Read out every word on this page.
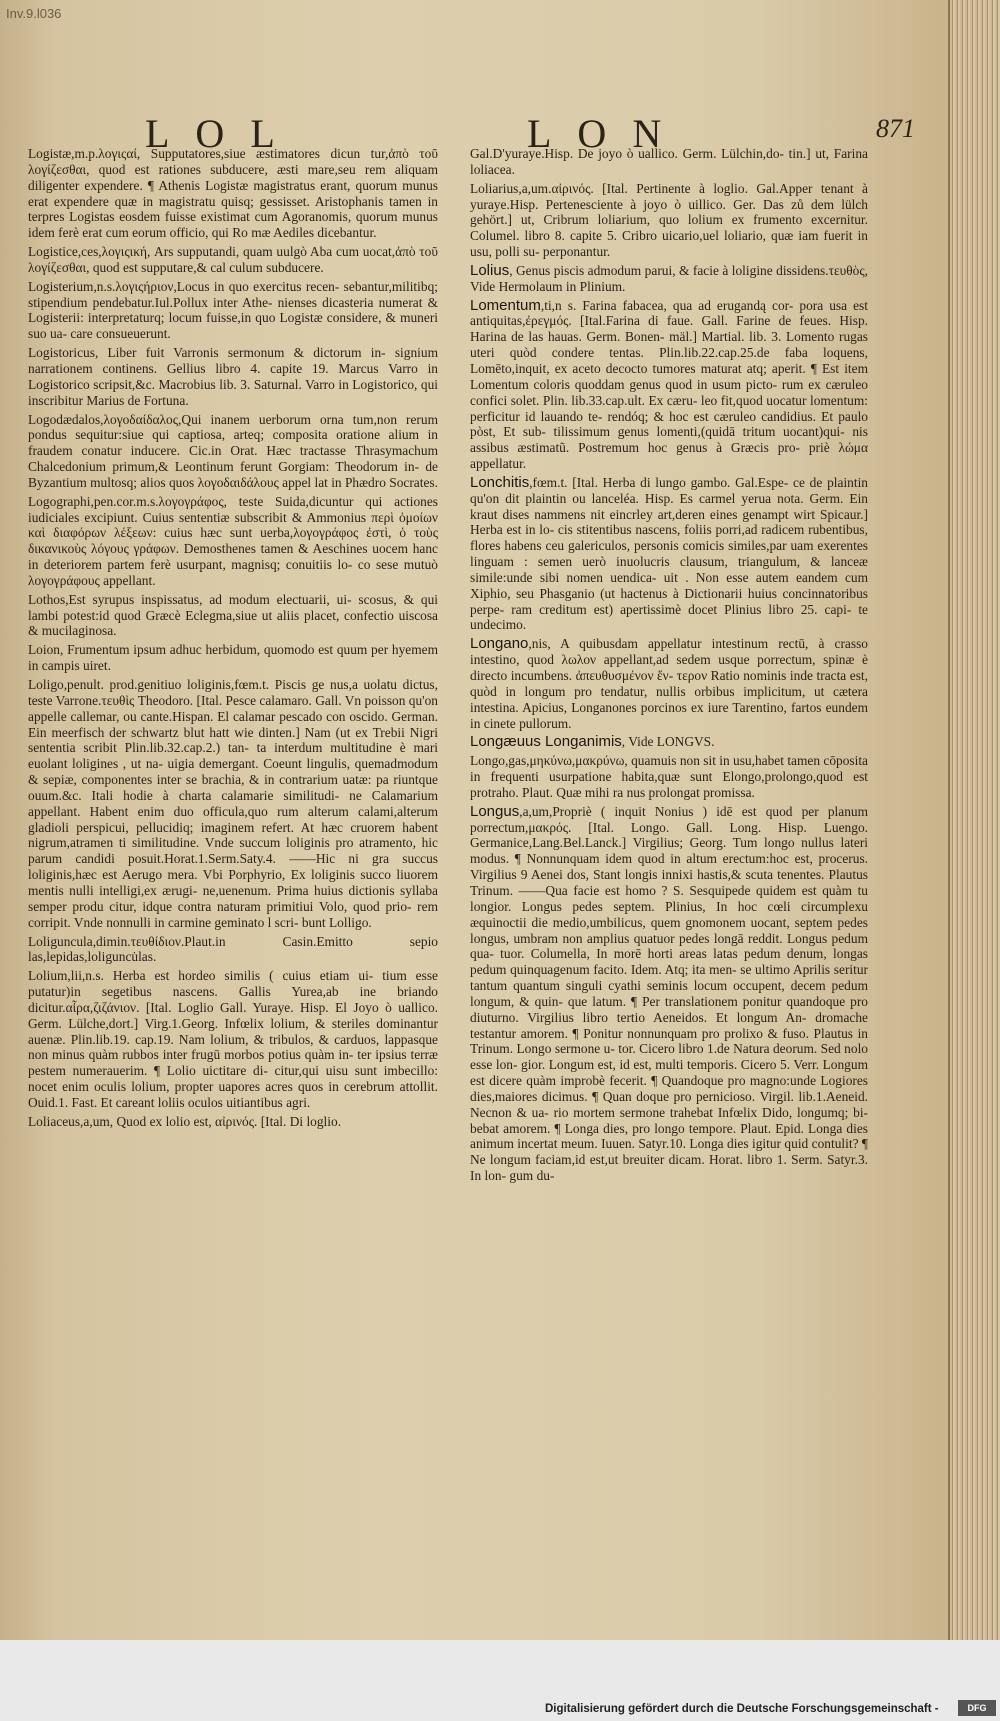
Inv.9.l036
LOL	LON	871

Logistæ,m.p.λογιςαί, Supputatores,siue æstimatores dicun tur,ἀπὸ τοῦ λογίζεσθαι, quod est rationes subducere, æsti mare,seu rem aliquam diligenter expendere. ¶ Athenis Logistæ magistratus erant, quorum munus erat expendere quæ in magistratu quisq; gessisset. Aristophanis tamen in terpres Logistas eosdem fuisse existimat cum Agoranomis, quorum munus idem ferè erat cum eorum officio, qui Ro mæ Aediles dicebantur.

Logistice,ces,λογιςική, Ars supputandi, quam uulgò Aba cum uocat,ἀπὸ τοῦ λογίζεσθαι, quod est supputare,& cal culum subducere.

Logisterium,n.s.λογιςήριον,Locus in quo exercitus recen- sebantur,militibq; stipendium pendebatur.Iul.Pollux inter Athe- nienses dicasteria numerat & Logisterii: interpretaturq; locum fuisse,in quo Logistæ considere, & muneri suo ua- care consueuerunt.

Logistoricus, Liber fuit Varronis sermonum & dictorum in- signium narrationem continens. Gellius libro 4. capite 19. Marcus Varro in Logistorico scripsit,&c. Macrobius lib. 3. Saturnal. Varro in Logistorico, qui inscribitur Marius de Fortuna.

Logodædalos,λογοδαίδαλος,Qui inanem uerborum orna tum,non rerum pondus sequitur:siue qui captiosa, arteq; composita oratione alium in fraudem conatur inducere. Cic.in Orat. Hæc tractasse Thrasymachum Chalcedonium primum,& Leontinum ferunt Gorgiam: Theodorum in- de Byzantium multosq; alios quos λογοδαιδάλους appel lat in Phædro Socrates.

Logographi,pen.cor.m.s.λογογράφος, teste Suida,dicuntur qui actiones iudiciales excipiunt. Cuius sententiæ subscribit & Ammonius περὶ ὁμοίων καὶ διαφόρων λέξεων: cuius hæc sunt uerba,λογογράφος ἐστὶ, ὁ τοὺς δικανικοὺς λόγους γράφων. Demosthenes tamen & Aeschines uocem hanc in deteriorem partem ferè usurpant, magnisq; conuitiis lo- co sese mutuò λογογράφους appellant.

Lothos,Est syrupus inspissatus, ad modum electuarii, ui- scosus, & qui lambi potest:id quod Græcè Eclegma,siue ut aliis placet, confectio uiscosa & mucilaginosa.

Loion, Frumentum ipsum adhuc herbidum, quomodo est quum per hyemem in campis uiret.

Loligo,penult. prod.genitiuo loliginis,fœm.t. Piscis ge nus,a uolatu dictus, teste Varrone.τευθὶς Theodoro. [Ital. Pesce calamaro. Gall. Vn poisson qu'on appelle callemar, ou cante.Hispan. El calamar pescado con oscido. German. Ein meerfisch der schwartz blut hatt wie dinten.] Nam (ut ex Trebii Nigri sententia scribit Plin.lib.32.cap.2.) tan- ta interdum multitudine è mari euolant loligines , ut na- uigia demergant. Coeunt lingulis, quemadmodum & sepiæ, componentes inter se brachia, & in contrarium uatæ: pa riuntque ouum.&c. Itali hodie à charta calamarie similitudi- ne Calamarium appellant. Habent enim duo officula,quo rum alterum calami,alterum gladioli perspicui, pellucidiq; imaginem refert. At hæc cruorem habent nigrum,atramen ti similitudine. Vnde succum loliginis pro atramento, hic parum candidi posuit.Horat.1.Serm.Saty.4. ——Hic ni gra succus loliginis,hæc est Aerugo mera. Vbi Porphyrio, Ex loliginis succo liuorem mentis nulli intelligi,ex ærugi- ne,uenenum. Prima huius dictionis syllaba semper produ citur, idque contra naturam primitiui Volo, quod prio- rem corripit. Vnde nonnulli in carmine geminato l scri- bunt Lolligo.

Loliguncula,dimin.τευθίδιον.Plaut.in Casin.Emitto sepio las,lepidas,loliguncu̇las.

Lolium,lii,n.s. Herba est hordeo similis ( cuius etiam ui- tium esse putatur)in segetibus nascens. Gallis Yurea,ab ine briando dicitur.αἶρα,ζιζάνιον. [Ital. Loglio Gall. Yuraye. Hisp. El Joyo ò uallico. Germ. Lülche,dort.] Virg.1.Georg. Infœlix lolium, & steriles dominantur auenæ. Plin.lib.19. cap.19. Nam lolium, & tribulos, & carduos, lappasque non minus quàm rubbos inter frugū morbos potius quàm in- ter ipsius terræ pestem numerauerim. ¶ Lolio uictitare di- citur,qui uisu sunt imbecillo: nocet enim oculis lolium, propter uapores acres quos in cerebrum attollit. Ouid.1. Fast. Et careant loliis oculos uitiantibus agri.

Loliaceus,a,um, Quod ex lolio est, αἰρινός. [Ital. Di loglio.

Gal.D'yuraye.Hisp. De joyo ò uallico. Germ. Lülchin,do- tin.] ut, Farina loliacea.

Loliarius,a,um.αἰρινός. [Ital. Pertinente à loglio. Gal.Apper tenant à yuraye.Hisp. Pertenesciente à joyo ò uillico. Ger. Das zů dem lülch gehört.] ut, Cribrum loliarium, quo lolium ex frumento excernitur. Columel. libro 8. capite 5. Cribro uicario,uel loliario, quæ iam fuerit in usu, polli su- perponantur.

Lolius, Genus piscis admodum parui, & facie à loligine dissidens.τευθὸς, Vide Hermolaum in Plinium.

Lomentum,ti,n s. Farina fabacea, qua ad erugandą cor- pora usa est antiquitas,ἐρεγμός. [Ital.Farina di faue. Gall. Farine de feues. Hisp. Harina de las hauas. Germ. Bonen- mäl.] Martial. lib. 3. Lomento rugas uteri quòd condere tentas. Plin.lib.22.cap.25.de faba loquens, Lomēto,inquit, ex aceto decocto tumores maturat atq; aperit. ¶ Est item Lomentum coloris quoddam genus quod in usum picto- rum ex cæruleo confici solet. Plin. lib.33.cap.ult. Ex cæru- leo fit,quod uocatur lomentum: perficitur id lauando te- rendóq; & hoc est cæruleo candidius. Et paulo pòst, Et sub- tilissimum genus lomenti,(quidā tritum uocant)qui- nis assibus æstimatũ. Postremum hoc genus à Græcis pro- priè λώμα appellatur.

Lonchitis,fœm.t. [Ital. Herba di lungo gambo. Gal.Espe- ce de plaintin qu'on dit plaintin ou lanceléa. Hisp. Es carmel yerua nota. Germ. Ein kraut dises nammens nit eincrley art,deren eines genampt wirt Spicaur.] Herba est in lo- cis stitentibus nascens, foliis porri,ad radicem rubentibus, flores habens ceu galericulos, personis comicis similes,par uam exerentes linguam : semen uerò inuolucris clausum, triangulum, & lanceæ simile:unde sibi nomen uendica- uit . Non esse autem eandem cum Xiphio, seu Phasganio (ut hactenus à Dictionarii huius concinnatoribus perpe- ram creditum est) apertissimè docet Plinius libro 25. capi- te undecimo.

Longano,nis, A quibusdam appellatur intestinum rectū, à crasso intestino, quod λωλον appellant,ad sedem usque porrectum, spinæ è directo incumbens. ἀπευθυσμένον ἔν- τερον Ratio nominis inde tracta est, quòd in longum pro tendatur, nullis orbibus implicitum, ut cætera intestina. Apicius, Longanones porcinos ex iure Tarentino, fartos eundem in cinete pullorum.

Longæuus Longanimis, Vide LONGVS.

Longo,gas,μηκύνω,μακρύνω, quamuis non sit in usu,habet tamen cōposita in frequenti usurpatione habita,quæ sunt Elongo,prolongo,quod est protraho. Plaut. Quæ mihi ra nus prolongat promissa.

Longus,a,um,Propriè ( inquit Nonius ) idē est quod per planum porrectum,μακρός. [Ital. Longo. Gall. Long. Hisp. Luengo. Germanice,Lang.Bel.Lanck.] Virgilius; Georg. Tum longo nullus lateri modus. ¶ Nonnunquam idem quod in altum erectum:hoc est, procerus. Virgilius 9 Aenei dos, Stant longis innixi hastis,& scuta tenentes. Plautus Trinum. ——Qua facie est homo ? S. Sesquipede quidem est quàm tu longior. Longus pedes septem. Plinius, In hoc cœli circumplexu æquinoctii die medio,umbilicus, quem gnomonem uocant, septem pedes longus, umbram non amplius quatuor pedes longā reddit. Longus pedum qua- tuor. Columella, In morē horti areas latas pedum denum, longas pedum quinquagenum facito. Idem. Atq; ita men- se ultimo Aprilis seritur tantum quantum singuli cyathi seminis locum occupent, decem pedum longum, & quin- que latum. ¶ Per translationem ponitur quandoque pro diuturno. Virgilius libro tertio Aeneidos. Et longum An- dromache testantur amorem. ¶ Ponitur nonnunquam pro prolixo & fuso. Plautus in Trinum. Longo sermone u- tor. Cicero libro 1.de Natura deorum. Sed nolo esse lon- gior. Longum est, id est, multi temporis. Cicero 5. Verr. Longum est dicere quàm improbè fecerit. ¶ Quandoque pro magno:unde Logiores dies,maiores dicimus. ¶ Quan doque pro perniciosο. Virgil. lib.1.Aeneid. Necnon & ua- rio mortem sermone trahebat Infœlix Dido, longumq; bi- bebat amorem. ¶ Longa dies, pro longo tempore. Plaut. Epid. Longa dies animum incertat meum. Iuuen. Satyr.10. Longa dies igitur quid contulit? ¶ Ne longum faciam,id est,ut breuiter dicam. Horat. libro 1. Serm. Satyr.3. In lon- gum du-

Digitalisierung gefördert durch die Deutsche Forschungsgemeinschaft -	DFG
